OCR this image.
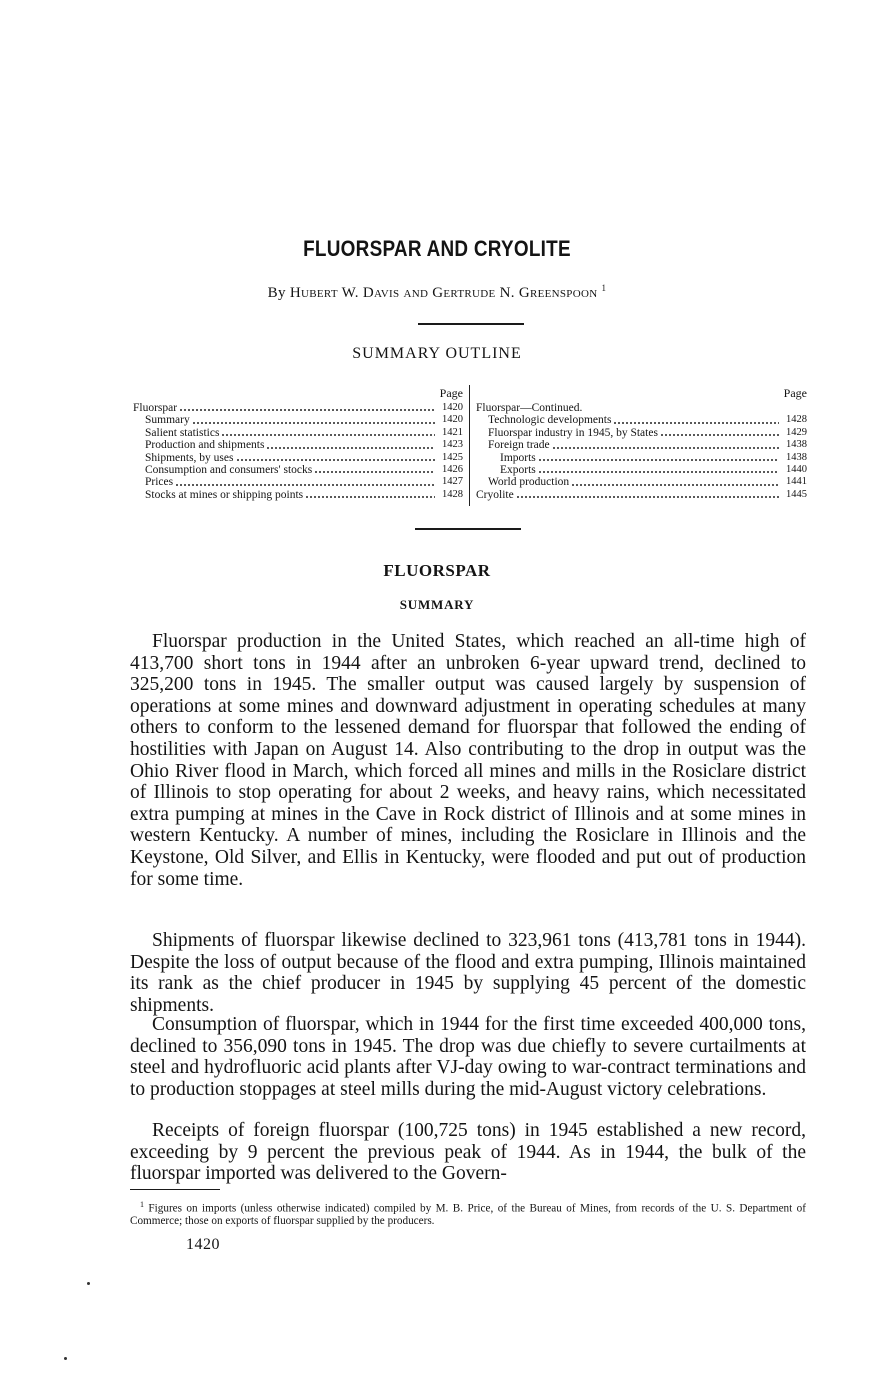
FLUORSPAR AND CRYOLITE
By Hubert W. Davis and Gertrude N. Greenspoon $^1$
SUMMARY OUTLINE
Page
Fluorspar	1420
Summary	1420
Salient statistics	1421
Production and shipments	1423
Shipments, by uses	1425
Consumption and consumers' stocks	1426
Prices	1427
Stocks at mines or shipping points	1428
Page
Fluorspar—Continued.
Technologic developments	1428
Fluorspar industry in 1945, by States	1429
Foreign trade	1438
Imports	1438
Exports	1440
World production	1441
Cryolite	1445
FLUORSPAR
SUMMARY

Fluorspar production in the United States, which reached an all-time high of 413,700 short tons in 1944 after an unbroken 6-year upward trend, declined to 325,200 tons in 1945. The smaller output was caused largely by suspension of operations at some mines and downward adjustment in operating schedules at many others to conform to the lessened demand for fluorspar that followed the ending of hostilities with Japan on August 14. Also contributing to the drop in output was the Ohio River flood in March, which forced all mines and mills in the Rosiclare district of Illinois to stop operating for about 2 weeks, and heavy rains, which necessitated extra pumping at mines in the Cave in Rock district of Illinois and at some mines in western Kentucky. A number of mines, including the Rosiclare in Illinois and the Keystone, Old Silver, and Ellis in Kentucky, were flooded and put out of production for some time.

Shipments of fluorspar likewise declined to 323,961 tons (413,781 tons in 1944). Despite the loss of output because of the flood and extra pumping, Illinois maintained its rank as the chief producer in 1945 by supplying 45 percent of the domestic shipments.

Consumption of fluorspar, which in 1944 for the first time exceeded 400,000 tons, declined to 356,090 tons in 1945. The drop was due chiefly to severe curtailments at steel and hydrofluoric acid plants after VJ-day owing to war-contract terminations and to production stoppages at steel mills during the mid-August victory celebrations.

Receipts of foreign fluorspar (100,725 tons) in 1945 established a new record, exceeding by 9 percent the previous peak of 1944. As in 1944, the bulk of the fluorspar imported was delivered to the Govern-

$^1$ Figures on imports (unless otherwise indicated) compiled by M. B. Price, of the Bureau of Mines, from records of the U. S. Department of Commerce; those on exports of fluorspar supplied by the producers.
1420
